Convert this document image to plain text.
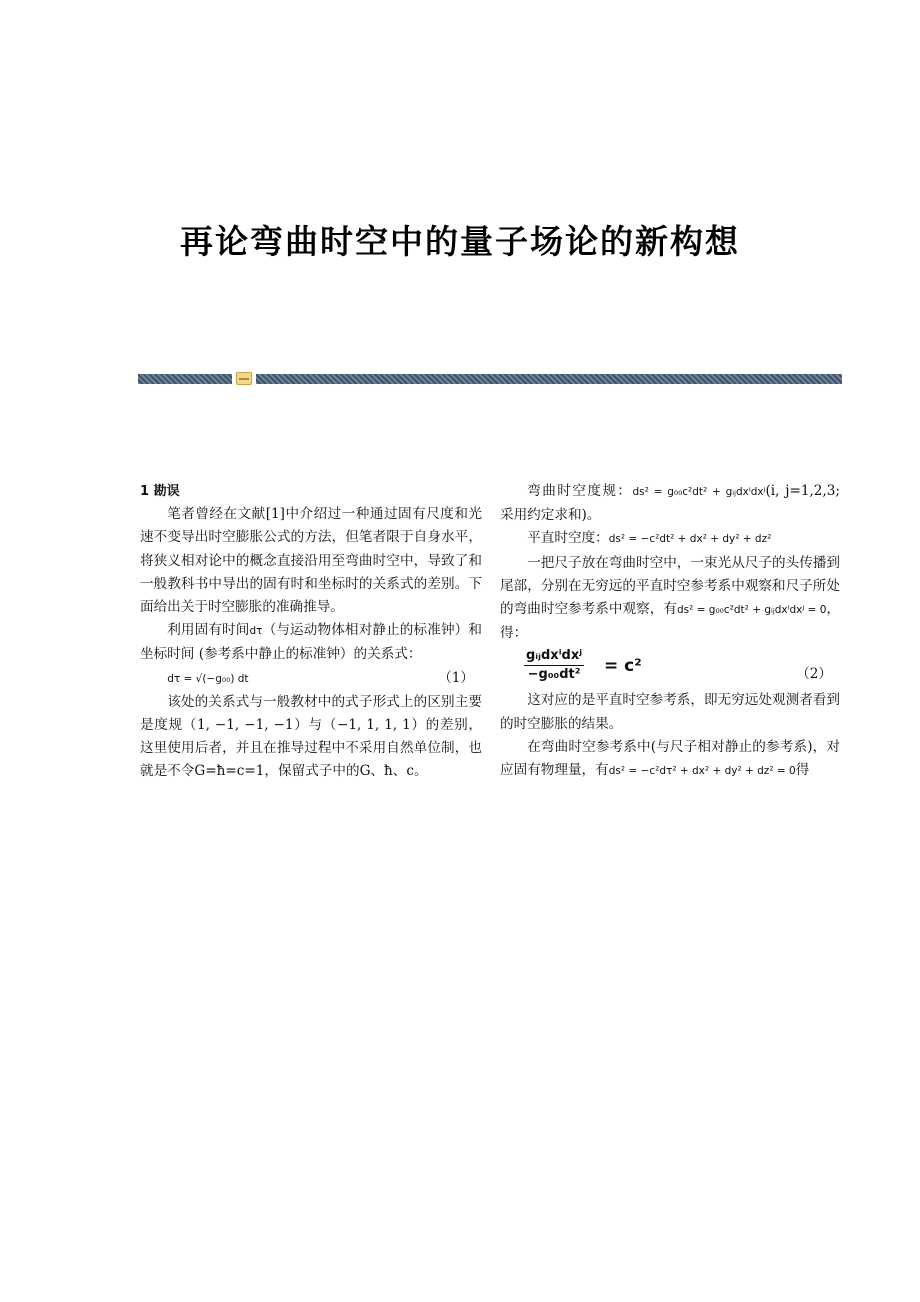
再论弯曲时空中的量子场论的新构想

1 勘误

笔者曾经在文献[1]中介绍过一种通过固有尺度和光速不变导出时空膨胀公式的方法，但笔者限于自身水平，将狭义相对论中的概念直接沿用至弯曲时空中，导致了和一般教科书中导出的固有时和坐标时的关系式的差别。下面给出关于时空膨胀的准确推导。

利用固有时间dτ（与运动物体相对静止的标准钟）和坐标时间 (参考系中静止的标准钟）的关系式：

dτ = √(−g₀₀) dt	（1）

该处的关系式与一般教材中的式子形式上的区别主要是度规（1, −1, −1, −1）与（−1, 1, 1, 1）的差别，这里使用后者，并且在推导过程中不采用自然单位制，也就是不令G=ħ=c=1，保留式子中的G、ħ、c。

弯曲时空度规：ds² = g₀₀c²dt² + gᵢⱼdxⁱdxʲ(i, j=1,2,3; 采用约定求和)。

平直时空度：ds² = −c²dt² + dx² + dy² + dz²

一把尺子放在弯曲时空中，一束光从尺子的头传播到尾部，分别在无穷远的平直时空参考系中观察和尺子所处的弯曲时空参考系中观察，有ds² = g₀₀c²dt² + gᵢⱼdxⁱdxʲ = 0，得：

gᵢⱼdxⁱdxʲ
−g₀₀dt² = c²	（2）

这对应的是平直时空参考系，即无穷远处观测者看到的时空膨胀的结果。

在弯曲时空参考系中(与尺子相对静止的参考系)，对应固有物理量，有ds² = −c²dτ² + dx² + dy² + dz² = 0得
